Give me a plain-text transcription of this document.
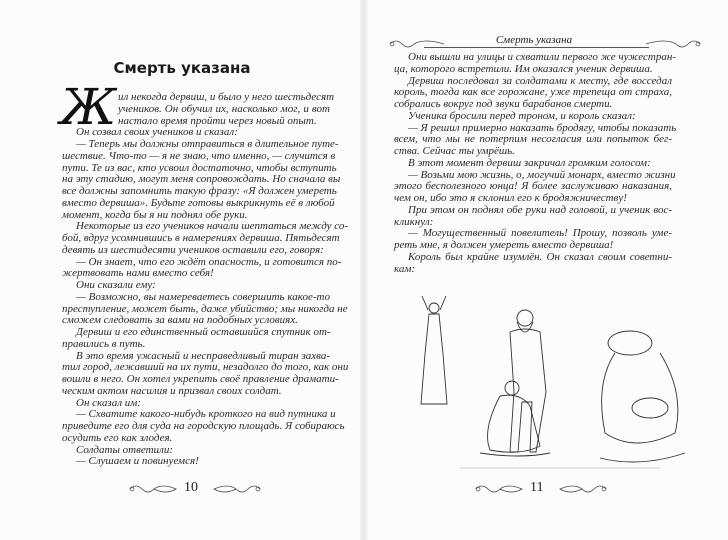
Смерть указана
Ж ил некогда дервиш, и было у него шестьдесят
учеников. Он обучил их, насколько мог, и вот
настало время пройти через новый опыт.
Он созвал своих учеников и сказал:
— Теперь мы должны отправиться в длительное путе-
шествие. Что-то — я не знаю, что именно, — случится в
пути. Те из вас, кто усвоил достаточно, чтобы вступить
на эту стадию, могут меня сопровождать. Но сначала вы
все должны запомнить такую фразу: «Я должен умереть
вместо дервиша». Будьте готовы выкрикнуть её в любой
момент, когда бы я ни поднял обе руки.
Некоторые из его учеников начали шептаться между со-
бой, вдруг усомнившись в намерениях дервиша. Пятьдесят
девять из шестидесяти учеников оставили его, говоря:
— Он знает, что его ждёт опасность, и готовится по-
жертвовать нами вместо себя!
Они сказали ему:
— Возможно, вы намереваетесь совершить какое-то
преступление, может быть, даже убийство; мы никогда не
сможем следовать за вами на подобных условиях.
Дервиш и его единственный оставшийся спутник от-
правились в путь.
В это время ужасный и несправедливый тиран захва-
тил город, лежавший на их пути, незадолго до того, как они
вошли в него. Он хотел укрепить своё правление драмати-
ческим актом насилия и призвал своих солдат.
Он сказал им:
— Схватите какого-нибудь кроткого на вид путника и
приведите его для суда на городскую площадь. Я собираюсь
осудить его как злодея.
Солдаты ответили:
— Слушаем и повинуемся!
10
Смерть указана
Они вышли на улицы и схватили первого же чужестран-
ца, которого встретили. Им оказался ученик дервиша.
Дервиш последовал за солдатами к месту, где восседал
король, тогда как все горожане, уже трепеща от страха,
собрались вокруг под звуки барабанов смерти.
Ученика бросили перед троном, и король сказал:
— Я решил примерно наказать бродягу, чтобы показать
всем, что мы не потерпим несогласия или попыток бег-
ства. Сейчас ты умрёшь.
В этот момент дервиш закричал громким голосом:
— Возьми мою жизнь, о, могучий монарх, вместо жизни
этого бесполезного юнца! Я более заслуживаю наказания,
чем он, ибо это я склонил его к бродяжничеству!
При этом он поднял обе руки над головой, и ученик вос-
кликнул:
— Могущественный повелитель! Прошу, позволь уме-
реть мне, я должен умереть вместо дервиша!
Король был крайне изумлён. Он сказал своим советни-
кам:
11
